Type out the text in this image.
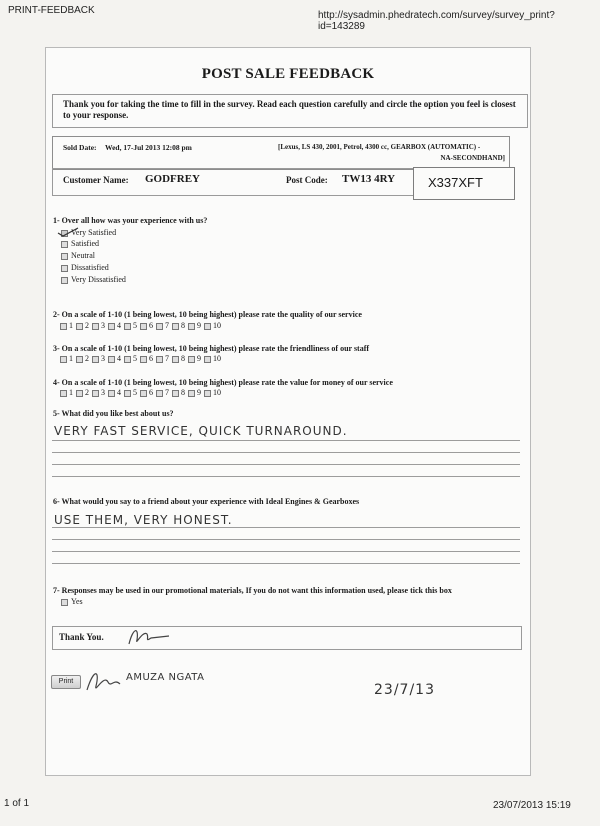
PRINT-FEEDBACK	http://sysadmin.phedratech.com/survey/survey_print?id=143289
POST SALE FEEDBACK

Thank you for taking the time to fill in the survey. Read each question carefully and circle the option you feel is closest to your response.

Sold Date: Wed, 17-Jul 2013 12:08 pm	[Lexus, LS 430, 2001, Petrol, 4300 cc, GEARBOX (AUTOMATIC) -
NA-SECONDHAND]
Customer Name: GODFREY	Post Code: TW13 4RY	X337XFT
1- Over all how was your experience with us?
Very Satisfied
Satisfied
Neutral
Dissatisfied
Very Dissatisfied
2- On a scale of 1-10 (1 being lowest, 10 being highest) please rate the quality of our service
1 2 3 4 5 6 7 8 9 10
3- On a scale of 1-10 (1 being lowest, 10 being highest) please rate the friendliness of our staff
1 2 3 4 5 6 7 8 9 10
4- On a scale of 1-10 (1 being lowest, 10 being highest) please rate the value for money of our service
1 2 3 4 5 6 7 8 9 10
5- What did you like best about us?
VERY FAST SERVICE, QUICK TURNAROUND.
6- What would you say to a friend about your experience with Ideal Engines & Gearboxes
USE THEM, VERY HONEST.
7- Responses may be used in our promotional materials, If you do not want this information used, please tick this box
Yes
Thank You.
Print	AMUZA NGATA
23/7/13
1 of 1	23/07/2013 15:19
